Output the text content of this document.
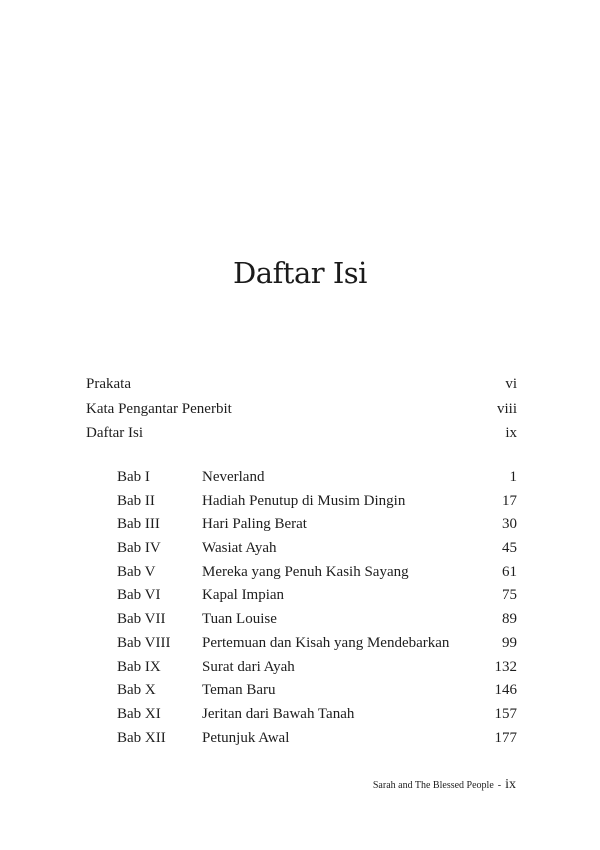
Daftar Isi
Prakata	vi
Kata Pengantar Penerbit	viii
Daftar Isi	ix
Bab I	Neverland	1
Bab II	Hadiah Penutup di Musim Dingin	17
Bab III	Hari Paling Berat	30
Bab IV	Wasiat Ayah	45
Bab V	Mereka yang Penuh Kasih Sayang	61
Bab VI	Kapal Impian	75
Bab VII	Tuan Louise	89
Bab VIII	Pertemuan dan Kisah yang Mendebarkan	99
Bab IX	Surat dari Ayah	132
Bab X	Teman Baru	146
Bab XI	Jeritan dari Bawah Tanah	157
Bab XII	Petunjuk Awal	177
Sarah and The Blessed People - ix
